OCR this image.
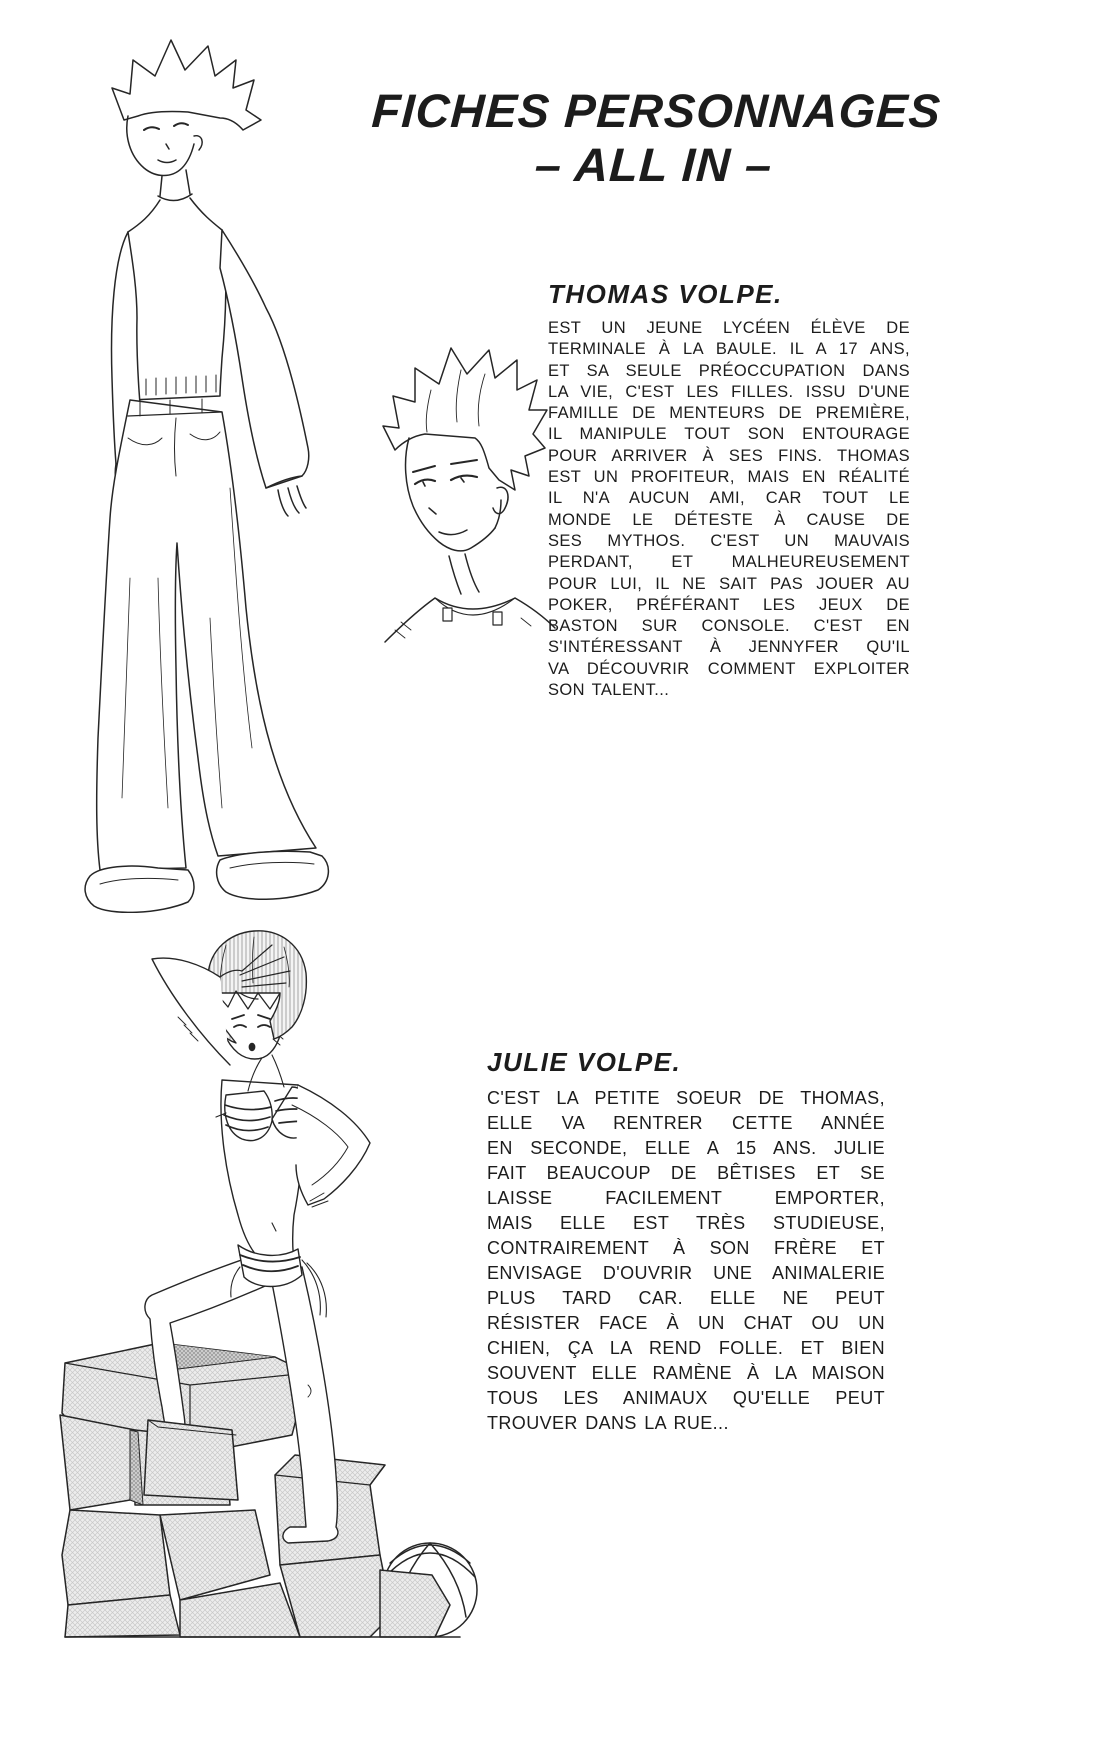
FICHES PERSONNAGES
– ALL IN –
THOMAS VOLPE.
EST UN JEUNE LYCÉEN ÉLÈVE DE
TERMINALE À LA BAULE. IL A 17 ANS,
ET SA SEULE PRÉOCCUPATION DANS
LA VIE, C'EST LES FILLES. ISSU D'UNE
FAMILLE DE MENTEURS DE PREMIÈRE,
IL MANIPULE TOUT SON ENTOURAGE
POUR ARRIVER À SES FINS. THOMAS
EST UN PROFITEUR, MAIS EN RÉALITÉ
IL N'A AUCUN AMI, CAR TOUT LE
MONDE LE DÉTESTE À CAUSE DE
SES MYTHOS. C'EST UN MAUVAIS
PERDANT, ET MALHEUREUSEMENT
POUR LUI, IL NE SAIT PAS JOUER AU
POKER, PRÉFÉRANT LES JEUX DE
BASTON SUR CONSOLE. C'EST EN
S'INTÉRESSANT À JENNYFER QU'IL
VA DÉCOUVRIR COMMENT EXPLOITER
SON TALENT...
JULIE VOLPE.
C'EST LA PETITE SOEUR DE THOMAS,
ELLE VA RENTRER CETTE ANNÉE
EN SECONDE, ELLE A 15 ANS. JULIE
FAIT BEAUCOUP DE BÊTISES ET SE
LAISSE FACILEMENT EMPORTER,
MAIS ELLE EST TRÈS STUDIEUSE,
CONTRAIREMENT À SON FRÈRE ET
ENVISAGE D'OUVRIR UNE ANIMALERIE
PLUS TARD CAR. ELLE NE PEUT
RÉSISTER FACE À UN CHAT OU UN
CHIEN, ÇA LA REND FOLLE. ET BIEN
SOUVENT ELLE RAMÈNE À LA MAISON
TOUS LES ANIMAUX QU'ELLE PEUT
TROUVER DANS LA RUE...
